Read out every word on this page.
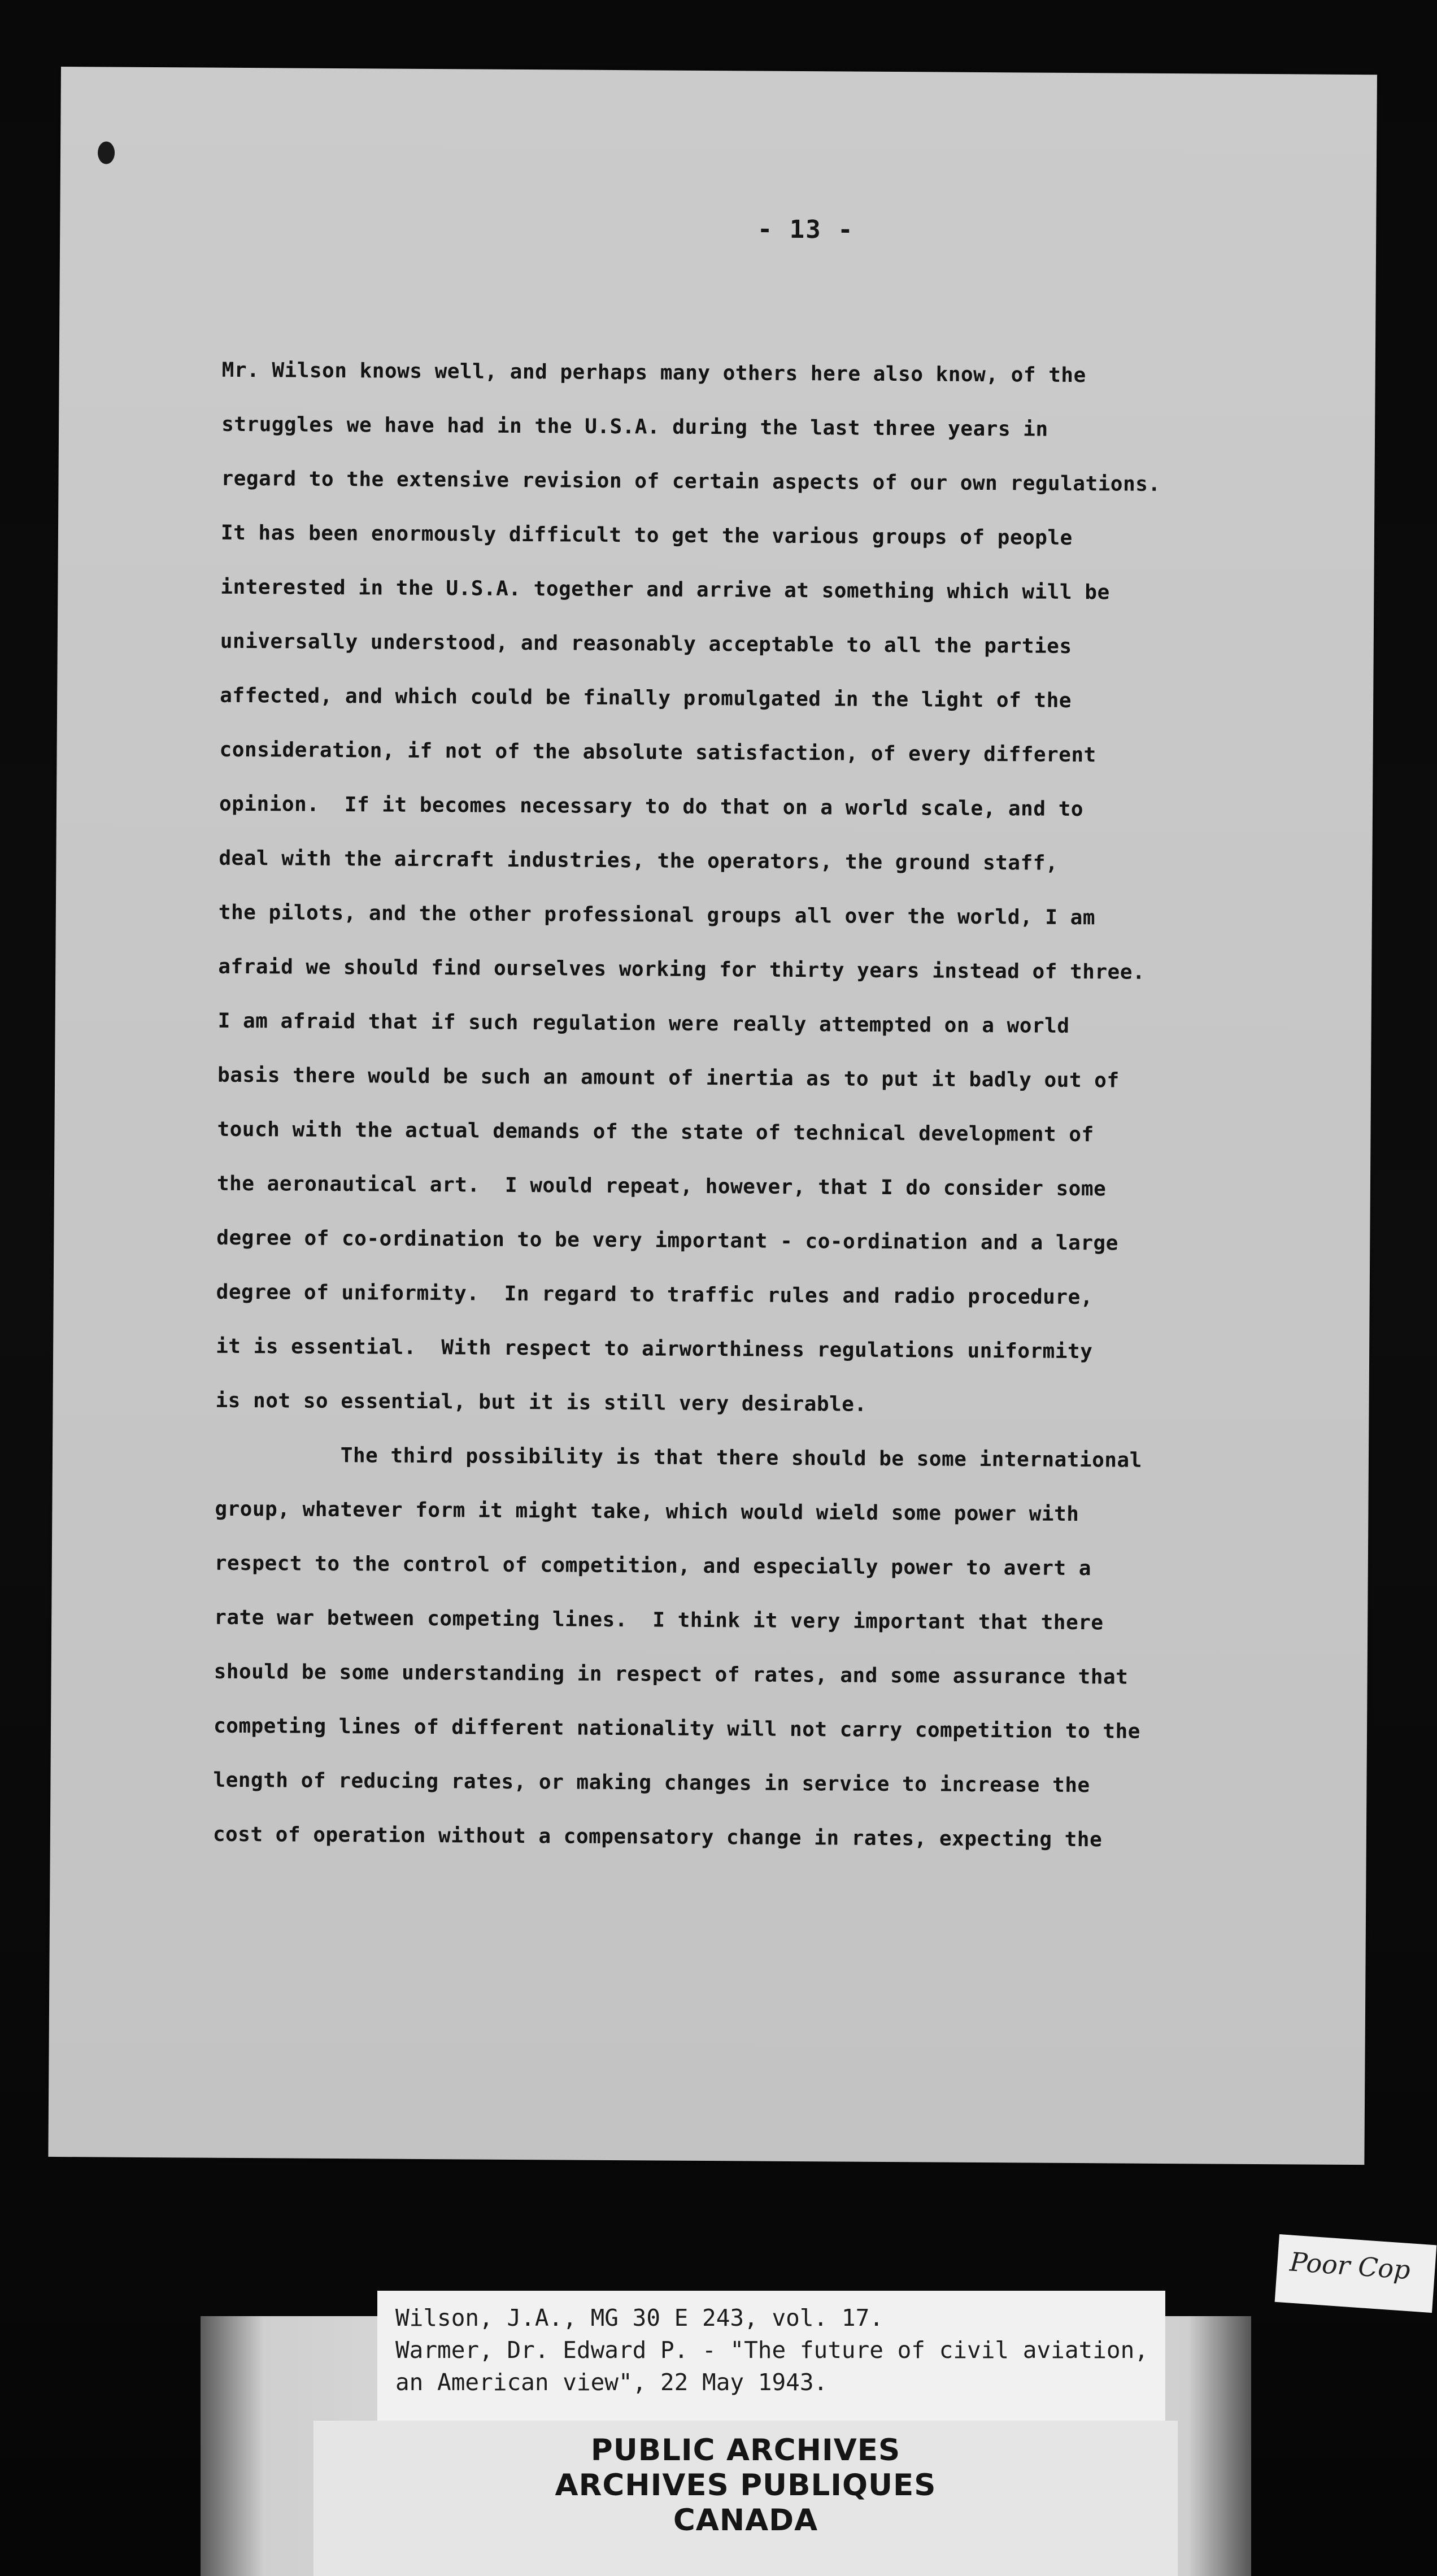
- 13 -
Mr. Wilson knows well, and perhaps many others here also know, of the
struggles we have had in the U.S.A. during the last three years in
regard to the extensive revision of certain aspects of our own regulations.
It has been enormously difficult to get the various groups of people
interested in the U.S.A. together and arrive at something which will be
universally understood, and reasonably acceptable to all the parties
affected, and which could be finally promulgated in the light of the
consideration, if not of the absolute satisfaction, of every different
opinion.  If it becomes necessary to do that on a world scale, and to
deal with the aircraft industries, the operators, the ground staff,
the pilots, and the other professional groups all over the world, I am
afraid we should find ourselves working for thirty years instead of three.
I am afraid that if such regulation were really attempted on a world
basis there would be such an amount of inertia as to put it badly out of
touch with the actual demands of the state of technical development of
the aeronautical art.  I would repeat, however, that I do consider some
degree of co-ordination to be very important - co-ordination and a large
degree of uniformity.  In regard to traffic rules and radio procedure,
it is essential.  With respect to airworthiness regulations uniformity
is not so essential, but it is still very desirable.
The third possibility is that there should be some international
group, whatever form it might take, which would wield some power with
respect to the control of competition, and especially power to avert a
rate war between competing lines.  I think it very important that there
should be some understanding in respect of rates, and some assurance that
competing lines of different nationality will not carry competition to the
length of reducing rates, or making changes in service to increase the
cost of operation without a compensatory change in rates, expecting the
Wilson, J.A., MG 30 E 243, vol. 17.
Warmer, Dr. Edward P. - "The future of civil aviation,
an American view", 22 May 1943.
PUBLIC ARCHIVES
ARCHIVES PUBLIQUES
CANADA
Poor Cop
